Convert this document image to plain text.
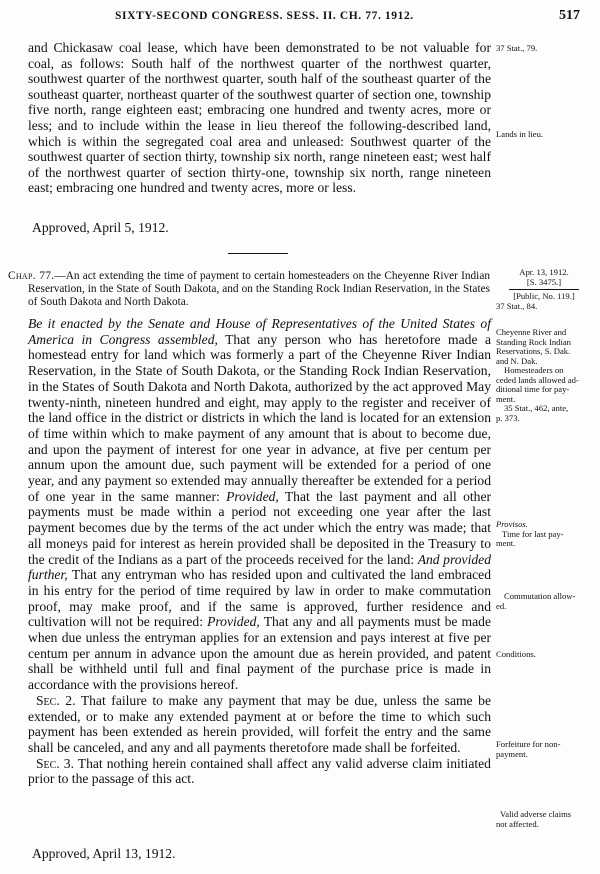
SIXTY-SECOND CONGRESS. SESS. II. CH. 77. 1912.	517

and Chickasaw coal lease, which have been demonstrated to be not valuable for coal, as follows: South half of the northwest quarter of the northwest quarter, southwest quarter of the northwest quarter, south half of the southeast quarter of the southeast quarter, northeast quarter of the southwest quarter of section one, township five north, range eighteen east; embracing one hundred and twenty acres, more or less; and to include within the lease in lieu thereof the following-described land, which is within the segregated coal area and unleased: Southwest quarter of the southwest quarter of section thirty, township six north, range nineteen east; west half of the northwest quarter of section thirty-one, township six north, range nineteen east; embracing one hundred and twenty acres, more or less.

Approved, April 5, 1912.

Chap. 77.—An act extending the time of payment to certain homesteaders on the Cheyenne River Indian Reservation, in the State of South Dakota, and on the Standing Rock Indian Reservation, in the States of South Dakota and North Dakota.

Be it enacted by the Senate and House of Representatives of the United States of America in Congress assembled, That any person who has heretofore made a homestead entry for land which was formerly a part of the Cheyenne River Indian Reservation, in the State of South Dakota, or the Standing Rock Indian Reservation, in the States of South Dakota and North Dakota, authorized by the act approved May twenty-ninth, nineteen hundred and eight, may apply to the register and receiver of the land office in the district or districts in which the land is located for an extension of time within which to make payment of any amount that is about to become due, and upon the payment of interest for one year in advance, at five per centum per annum upon the amount due, such payment will be extended for a period of one year, and any payment so extended may annually thereafter be extended for a period of one year in the same manner: Provided, That the last payment and all other payments must be made within a period not exceeding one year after the last payment becomes due by the terms of the act under which the entry was made; that all moneys paid for interest as herein provided shall be deposited in the Treasury to the credit of the Indians as a part of the proceeds received for the land: And provided further, That any entryman who has resided upon and cultivated the land embraced in his entry for the period of time required by law in order to make commutation proof, may make proof, and if the same is approved, further residence and cultivation will not be required: Provided, That any and all payments must be made when due unless the entryman applies for an extension and pays interest at five per centum per annum in advance upon the amount due as herein provided, and patent shall be withheld until full and final payment of the purchase price is made in accordance with the provisions hereof.

Sec. 2. That failure to make any payment that may be due, unless the same be extended, or to make any extended payment at or before the time to which such payment has been extended as herein provided, will forfeit the entry and the same shall be canceled, and any and all payments theretofore made shall be forfeited.

Sec. 3. That nothing herein contained shall affect any valid adverse claim initiated prior to the passage of this act.

Approved, April 13, 1912.
37 Stat., 79.
Lands in lieu.
Apr. 13, 1912.
[S. 3475.]
[Public, No. 119.]
37 Stat., 84.
Cheyenne River and
Standing Rock Indian
Reservations, S. Dak.
and N. Dak.
Homesteaders on
ceded lands allowed ad-
ditional time for pay-
ment.
35 Stat., 462, ante,
p. 373.
Provisos.
Time for last pay-
ment.
Commutation allow-
ed.
Conditions.
Forfeiture for non-
payment.
Valid adverse claims
not affected.
